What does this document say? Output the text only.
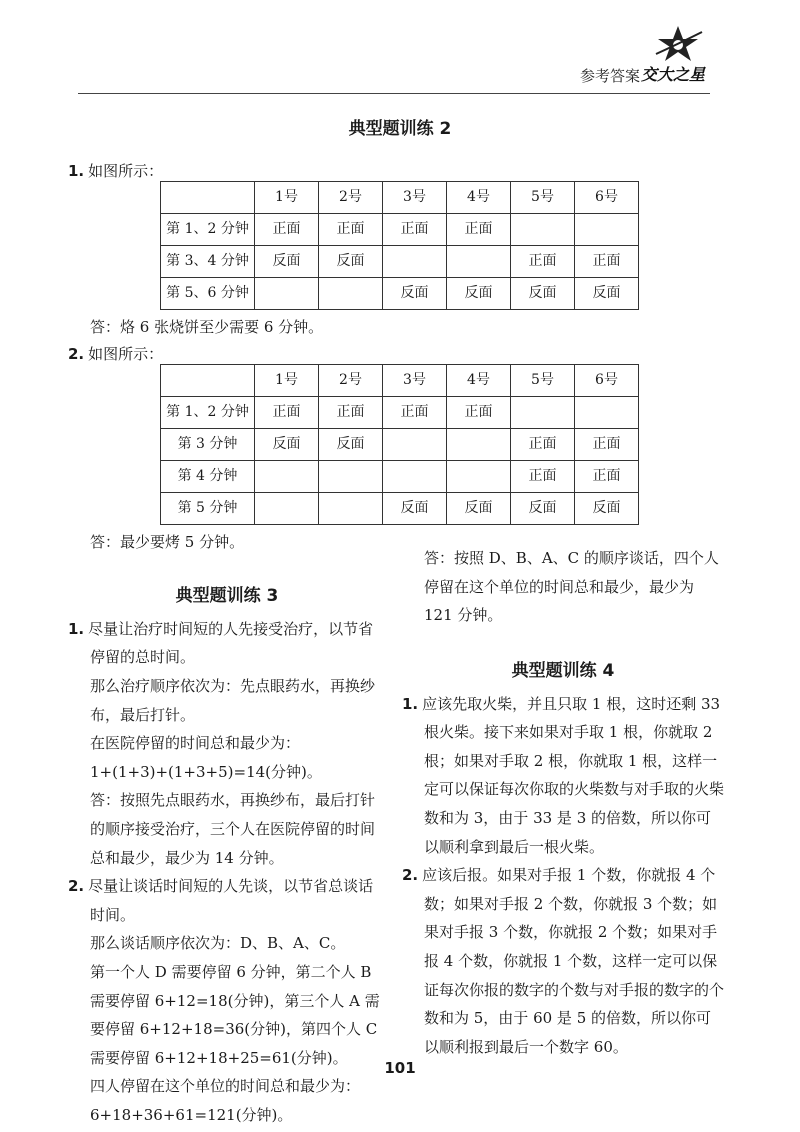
参考答案 交大之星
典型题训练 2

1. 如图所示：

	1号	2号	3号	4号	5号	6号
第 1、2 分钟	正面	正面	正面	正面		
第 3、4 分钟	反面	反面			正面	正面
第 5、6 分钟			反面	反面	反面	反面

答：烙 6 张烧饼至少需要 6 分钟。

2. 如图所示：

	1号	2号	3号	4号	5号	6号
第 1、2 分钟	正面	正面	正面	正面		
第 3 分钟	反面	反面			正面	正面
第 4 分钟					正面	正面
第 5 分钟			反面	反面	反面	反面

答：最少要烤 5 分钟。

典型题训练 3

1. 尽量让治疗时间短的人先接受治疗，以节省停留的总时间。

那么治疗顺序依次为：先点眼药水，再换纱布，最后打针。

在医院停留的时间总和最少为：

1+(1+3)+(1+3+5)=14(分钟)。

答：按照先点眼药水，再换纱布，最后打针的顺序接受治疗，三个人在医院停留的时间总和最少，最少为 14 分钟。

2. 尽量让谈话时间短的人先谈，以节省总谈话时间。

那么谈话顺序依次为：D、B、A、C。

第一个人 D 需要停留 6 分钟，第二个人 B 需要停留 6+12=18(分钟)，第三个人 A 需要停留 6+12+18=36(分钟)，第四个人 C 需要停留 6+12+18+25=61(分钟)。

四人停留在这个单位的时间总和最少为：

6+18+36+61=121(分钟)。

答：按照 D、B、A、C 的顺序谈话，四个人停留在这个单位的时间总和最少，最少为 121 分钟。

典型题训练 4

1. 应该先取火柴，并且只取 1 根，这时还剩 33 根火柴。接下来如果对手取 1 根，你就取 2 根；如果对手取 2 根，你就取 1 根，这样一定可以保证每次你取的火柴数与对手取的火柴数和为 3，由于 33 是 3 的倍数，所以你可以顺利拿到最后一根火柴。

2. 应该后报。如果对手报 1 个数，你就报 4 个数；如果对手报 2 个数，你就报 3 个数；如果对手报 3 个数，你就报 2 个数；如果对手报 4 个数，你就报 1 个数，这样一定可以保证每次你报的数字的个数与对手报的数字的个数和为 5，由于 60 是 5 的倍数，所以你可以顺利报到最后一个数字 60。

101
